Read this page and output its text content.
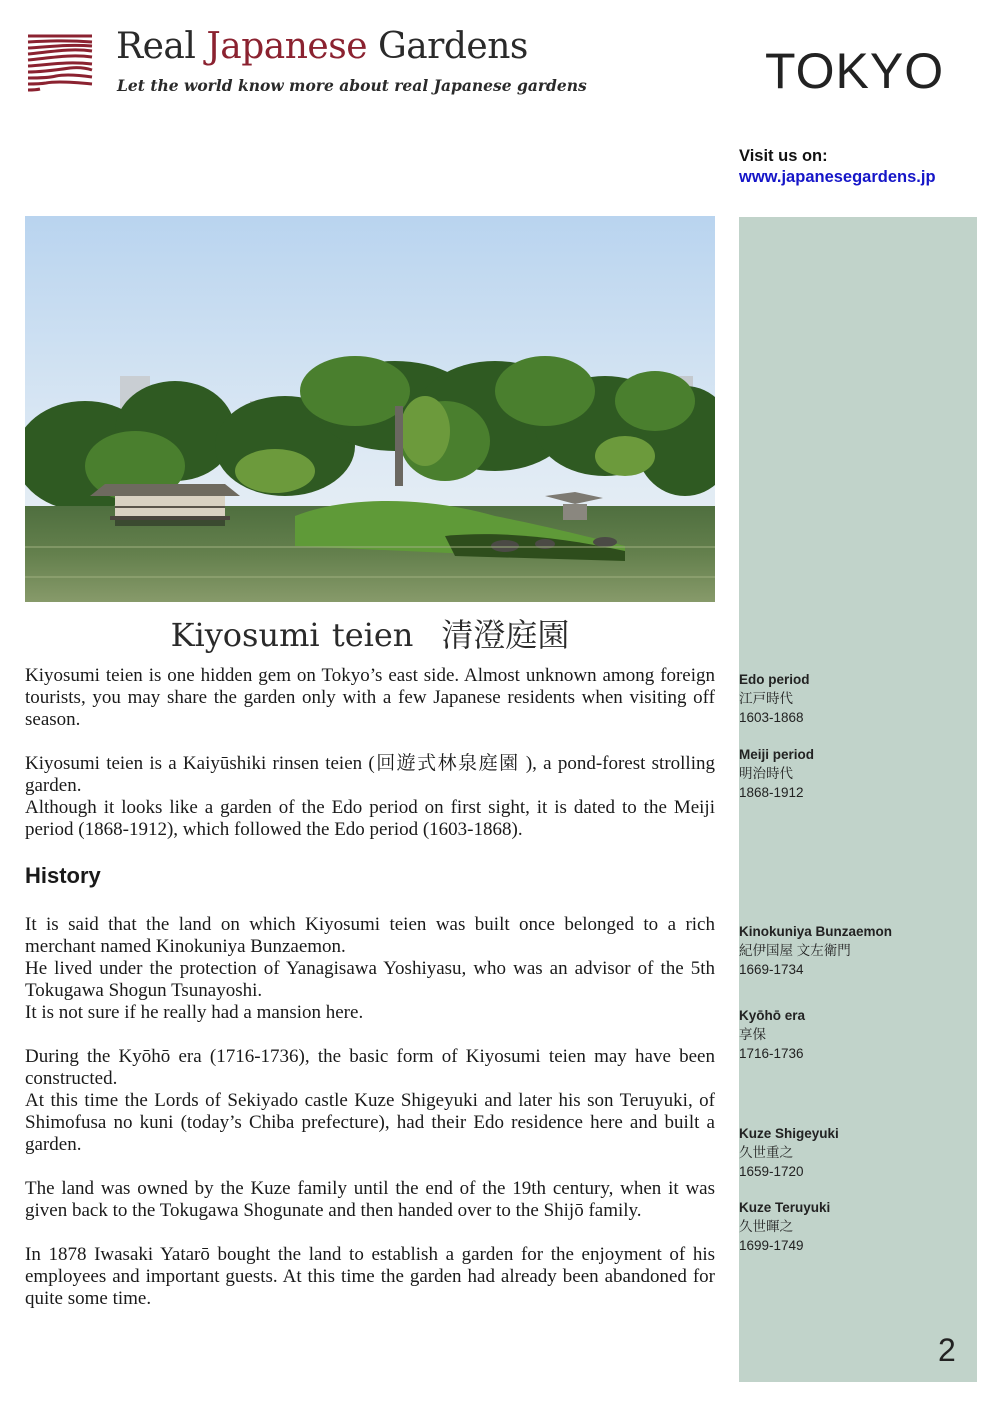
Real Japanese Gardens

Let the world know more about real Japanese gardens	TOKYO
Visit us on:
www.japanesegardens.jp
Edo period
江戸時代
1603-1868
Meiji period
明治時代
1868-1912
Kinokuniya Bunzaemon
紀伊国屋 文左衛門
1669-1734
Kyōhō era
享保
1716-1736
Kuze Shigeyuki
久世重之
1659-1720
Kuze Teruyuki
久世暉之
1699-1749
2
Kiyosumi teien 清澄庭園

Kiyosumi teien is one hidden gem on Tokyo’s east side. Almost unknown among foreign tourists, you may share the garden only with a few Japanese residents when visiting off season.

Kiyosumi teien is a Kaiyūshiki rinsen teien (回遊式林泉庭園 ), a pond-forest strolling garden.
Although it looks like a garden of the Edo period on first sight, it is dated to the Meiji period (1868-1912), which followed the Edo period (1603-1868).

History

It is said that the land on which Kiyosumi teien was built once belonged to a rich merchant named Kinokuniya Bunzaemon.
He lived under the protection of Yanagisawa Yoshiyasu, who was an advisor of the 5th Tokugawa Shogun Tsunayoshi.
It is not sure if he really had a mansion here.

During the Kyōhō era (1716-1736), the basic form of Kiyosumi teien may have been constructed.
At this time the Lords of Sekiyado castle Kuze Shigeyuki and later his son Teruyuki, of Shimofusa no kuni (today’s Chiba prefecture), had their Edo residence here and built a garden.

The land was owned by the Kuze family until the end of the 19th century, when it was given back to the Tokugawa Shogunate and then handed over to the Shijō family.

In 1878 Iwasaki Yatarō bought the land to establish a garden for the enjoyment of his employees and important guests. At this time the garden had already been abandoned for quite some time.
